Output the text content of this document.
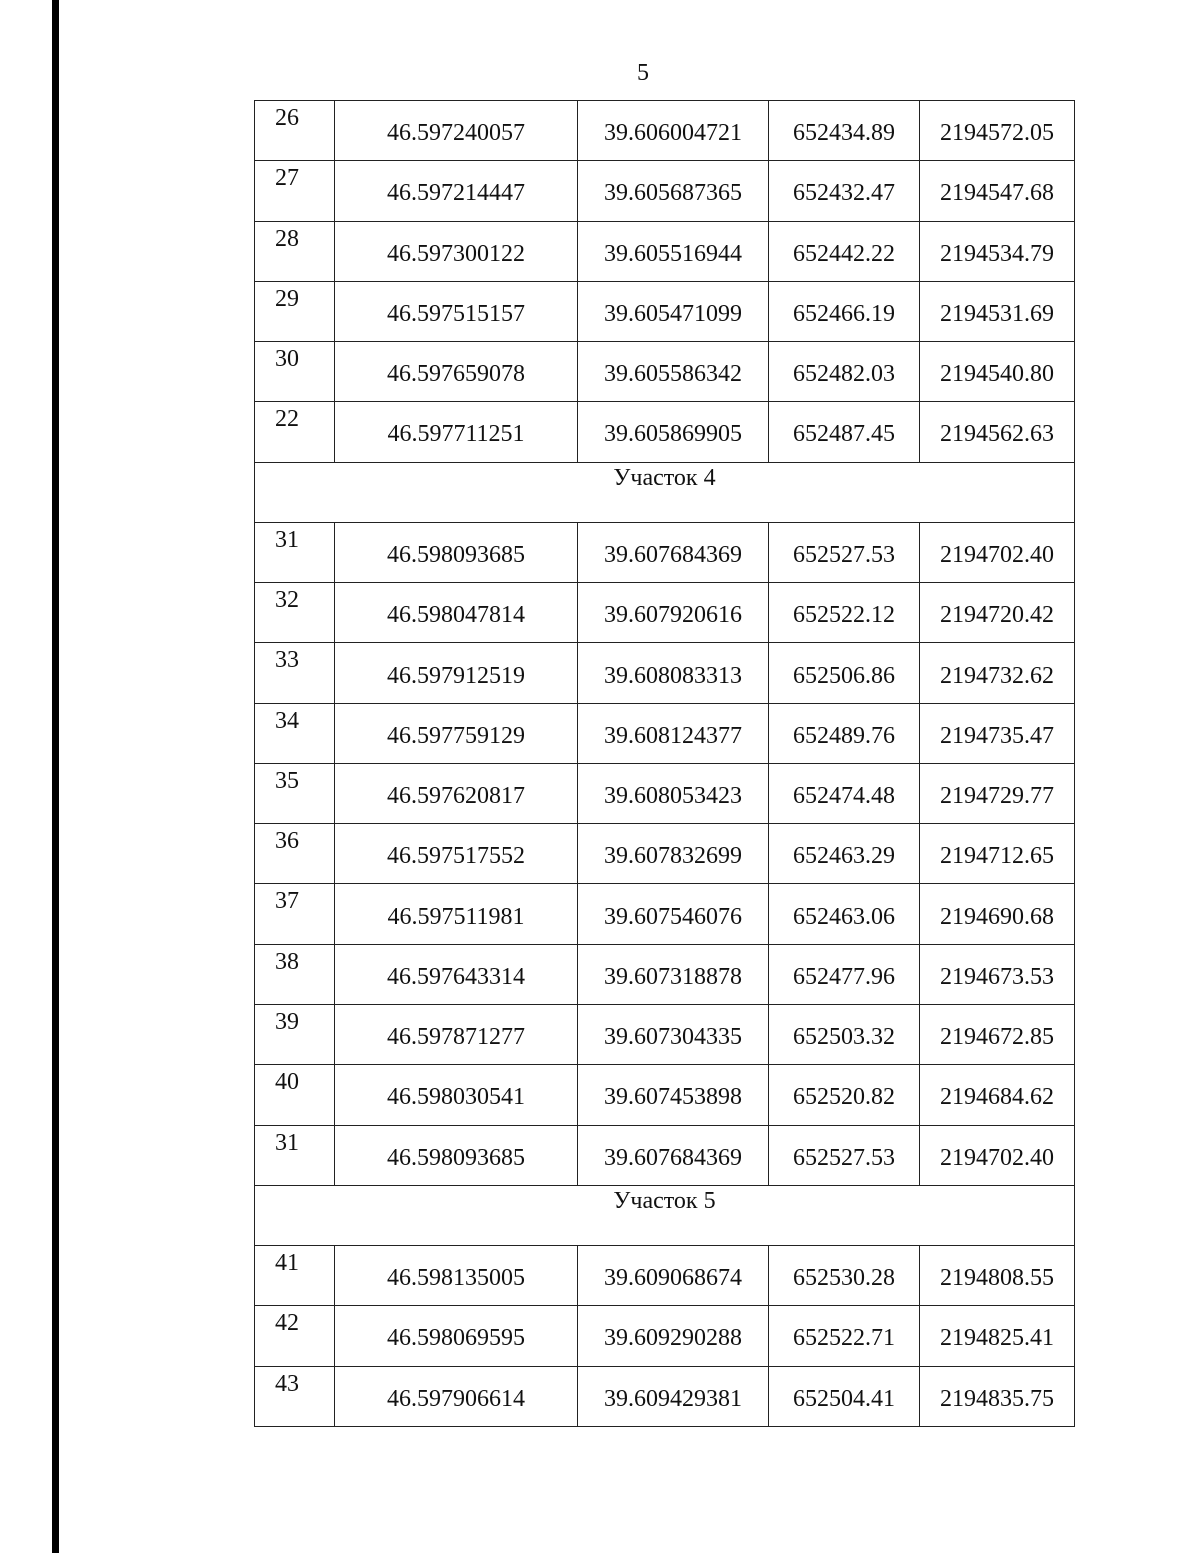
5
26	46.597240057	39.606004721	652434.89	2194572.05
27	46.597214447	39.605687365	652432.47	2194547.68
28	46.597300122	39.605516944	652442.22	2194534.79
29	46.597515157	39.605471099	652466.19	2194531.69
30	46.597659078	39.605586342	652482.03	2194540.80
22	46.597711251	39.605869905	652487.45	2194562.63
Участок 4				
31	46.598093685	39.607684369	652527.53	2194702.40
32	46.598047814	39.607920616	652522.12	2194720.42
33	46.597912519	39.608083313	652506.86	2194732.62
34	46.597759129	39.608124377	652489.76	2194735.47
35	46.597620817	39.608053423	652474.48	2194729.77
36	46.597517552	39.607832699	652463.29	2194712.65
37	46.597511981	39.607546076	652463.06	2194690.68
38	46.597643314	39.607318878	652477.96	2194673.53
39	46.597871277	39.607304335	652503.32	2194672.85
40	46.598030541	39.607453898	652520.82	2194684.62
31	46.598093685	39.607684369	652527.53	2194702.40
Участок 5				
41	46.598135005	39.609068674	652530.28	2194808.55
42	46.598069595	39.609290288	652522.71	2194825.41
43	46.597906614	39.609429381	652504.41	2194835.75
